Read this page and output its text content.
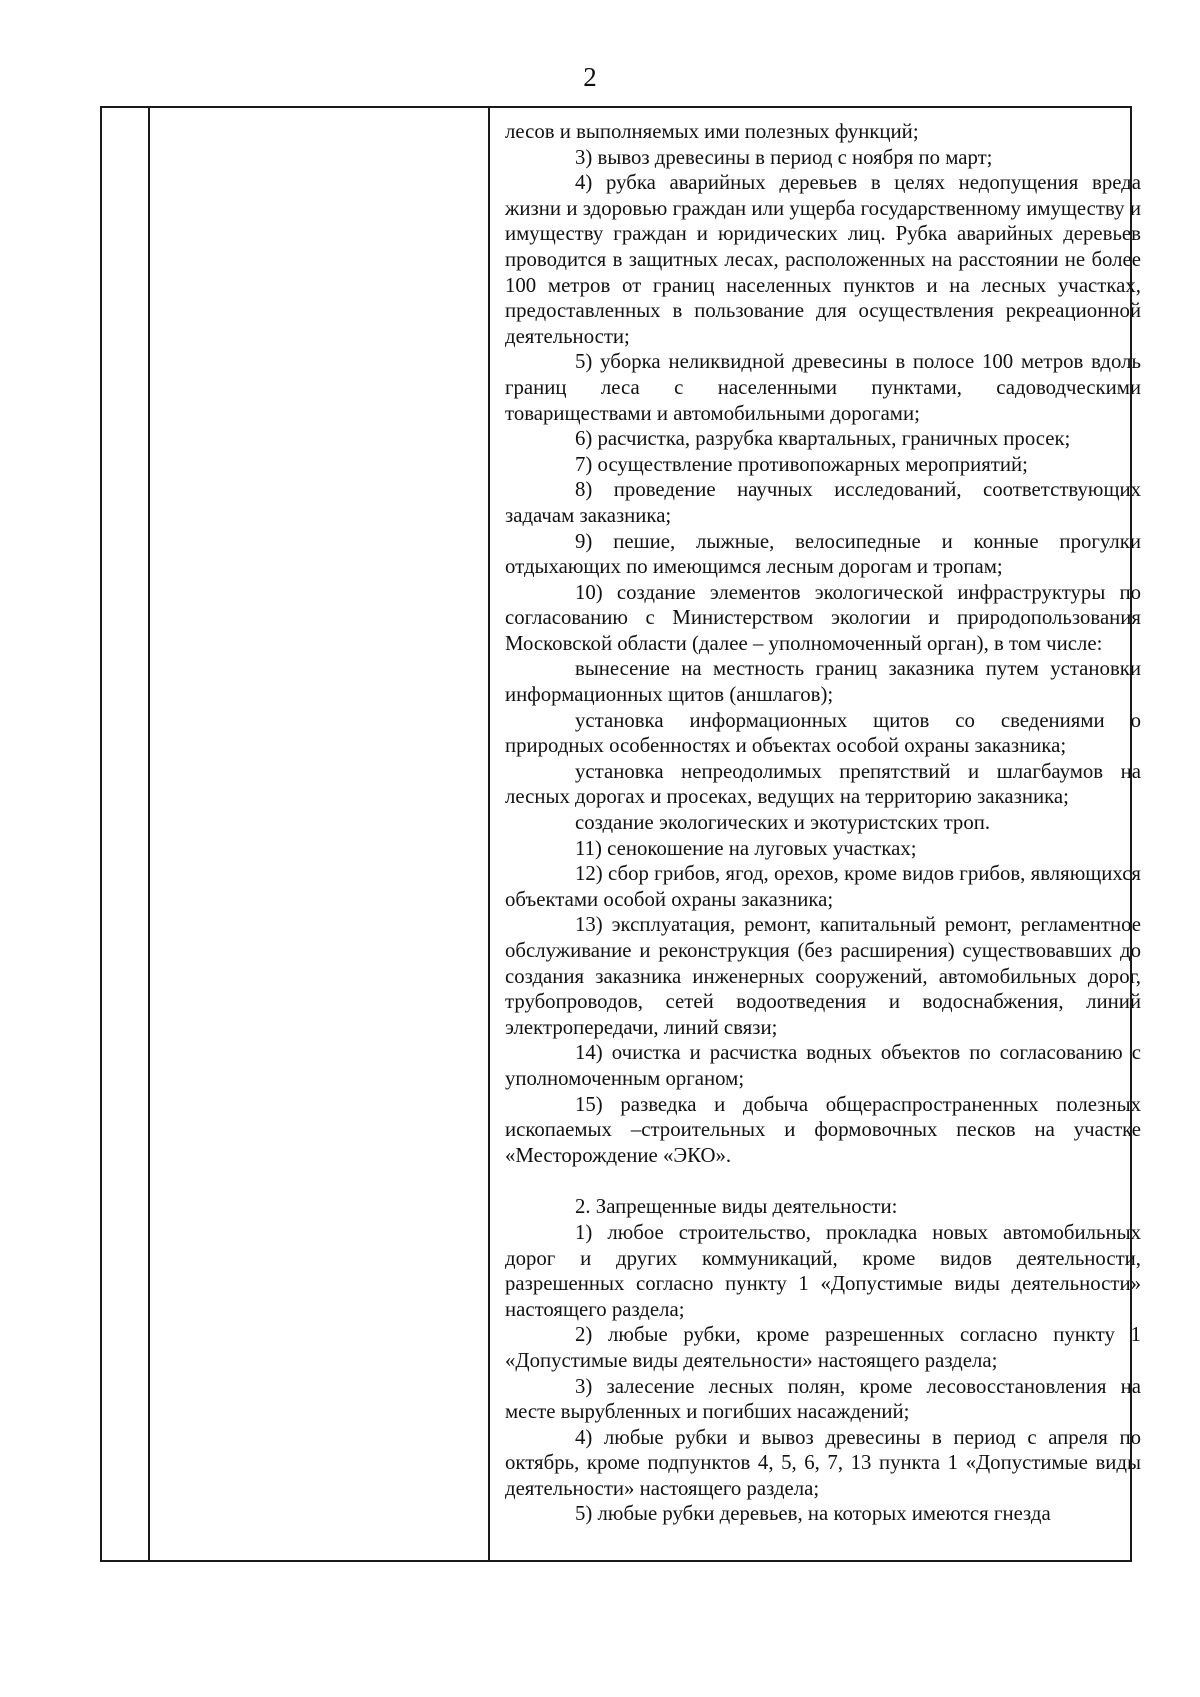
2

лесов и выполняемых ими полезных функций;

3) вывоз древесины в период с ноября по март;

4) рубка аварийных деревьев в целях недопущения вреда жизни и здоровью граждан или ущерба государственному имуществу и имуществу граждан и юридических лиц. Рубка аварийных деревьев проводится в защитных лесах, расположенных на расстоянии не более 100 метров от границ населенных пунктов и на лесных участках, предоставленных в пользование для осуществления рекреационной деятельности;

5) уборка неликвидной древесины в полосе 100 метров вдоль границ леса с населенными пунктами, садоводческими товариществами и автомобильными дорогами;

6) расчистка, разрубка квартальных, граничных просек;

7) осуществление противопожарных мероприятий;

8) проведение научных исследований, соответствующих задачам заказника;

9) пешие, лыжные, велосипедные и конные прогулки отдыхающих по имеющимся лесным дорогам и тропам;

10) создание элементов экологической инфраструктуры по согласованию с Министерством экологии и природопользования Московской области (далее – уполномоченный орган), в том числе:

вынесение на местность границ заказника путем установки информационных щитов (аншлагов);

установка информационных щитов со сведениями о природных особенностях и объектах особой охраны заказника;

установка непреодолимых препятствий и шлагбаумов на лесных дорогах и просеках, ведущих на территорию заказника;

создание экологических и экотуристских троп.

11) сенокошение на луговых участках;

12) сбор грибов, ягод, орехов, кроме видов грибов, являющихся объектами особой охраны заказника;

13) эксплуатация, ремонт, капитальный ремонт, регламентное обслуживание и реконструкция (без расширения) существовавших до создания заказника инженерных сооружений, автомобильных дорог, трубопроводов, сетей водоотведения и водоснабжения, линий электропередачи, линий связи;

14) очистка и расчистка водных объектов по согласованию с уполномоченным органом;

15) разведка и добыча общераспространенных полезных ископаемых –строительных и формовочных песков на участке «Месторождение «ЭКО».

2. Запрещенные виды деятельности:

1) любое строительство, прокладка новых автомобильных дорог и других коммуникаций, кроме видов деятельности, разрешенных согласно пункту 1 «Допустимые виды деятельности» настоящего раздела;

2) любые рубки, кроме разрешенных согласно пункту 1 «Допустимые виды деятельности» настоящего раздела;

3) залесение лесных полян, кроме лесовосстановления на месте вырубленных и погибших насаждений;

4) любые рубки и вывоз древесины в период с апреля по октябрь, кроме подпунктов 4, 5, 6, 7, 13 пункта 1 «Допустимые виды деятельности» настоящего раздела;

5) любые рубки деревьев, на которых имеются гнезда
